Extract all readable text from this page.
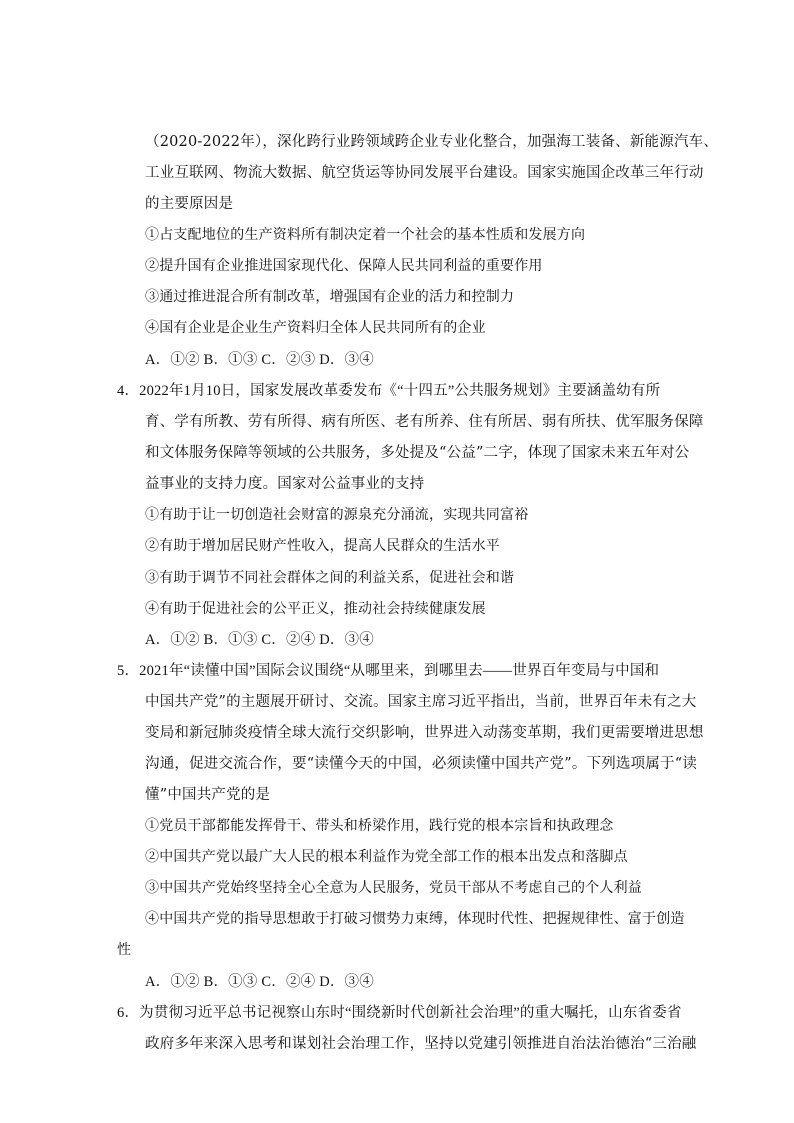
（2020-2022年），深化跨行业跨领域跨企业专业化整合，加强海工装备、新能源汽车、
工业互联网、物流大数据、航空货运等协同发展平台建设。国家实施国企改革三年行动
的主要原因是
①占支配地位的生产资料所有制决定着一个社会的基本性质和发展方向
②提升国有企业推进国家现代化、保障人民共同利益的重要作用
③通过推进混合所有制改革，增强国有企业的活力和控制力
④国有企业是企业生产资料归全体人民共同所有的企业
A．①② B．①③ C．②③ D．③④
4．2022年1月10日，国家发展改革委发布《“十四五”公共服务规划》主要涵盖幼有所
育、学有所教、劳有所得、病有所医、老有所养、住有所居、弱有所扶、优军服务保障
和文体服务保障等领域的公共服务，多处提及“公益”二字，体现了国家未来五年对公
益事业的支持力度。国家对公益事业的支持
①有助于让一切创造社会财富的源泉充分涌流，实现共同富裕
②有助于增加居民财产性收入，提高人民群众的生活水平
③有助于调节不同社会群体之间的利益关系，促进社会和谐
④有助于促进社会的公平正义，推动社会持续健康发展
A．①② B．①③ C．②④ D．③④
5．2021年“读懂中国”国际会议围绕“从哪里来，到哪里去——世界百年变局与中国和
中国共产党”的主题展开研讨、交流。国家主席习近平指出，当前，世界百年未有之大
变局和新冠肺炎疫情全球大流行交织影响，世界进入动荡变革期，我们更需要增进思想
沟通，促进交流合作，要“读懂今天的中国，必须读懂中国共产党”。下列选项属于“读
懂”中国共产党的是
①党员干部都能发挥骨干、带头和桥梁作用，践行党的根本宗旨和执政理念
②中国共产党以最广大人民的根本利益作为党全部工作的根本出发点和落脚点
③中国共产党始终坚持全心全意为人民服务，党员干部从不考虑自己的个人利益
④中国共产党的指导思想敢于打破习惯势力束缚，体现时代性、把握规律性、富于创造
性
A．①② B．①③ C．②④ D．③④
6．为贯彻习近平总书记视察山东时“围绕新时代创新社会治理”的重大嘱托，山东省委省
政府多年来深入思考和谋划社会治理工作，坚持以党建引领推进自治法治德治“三治融
